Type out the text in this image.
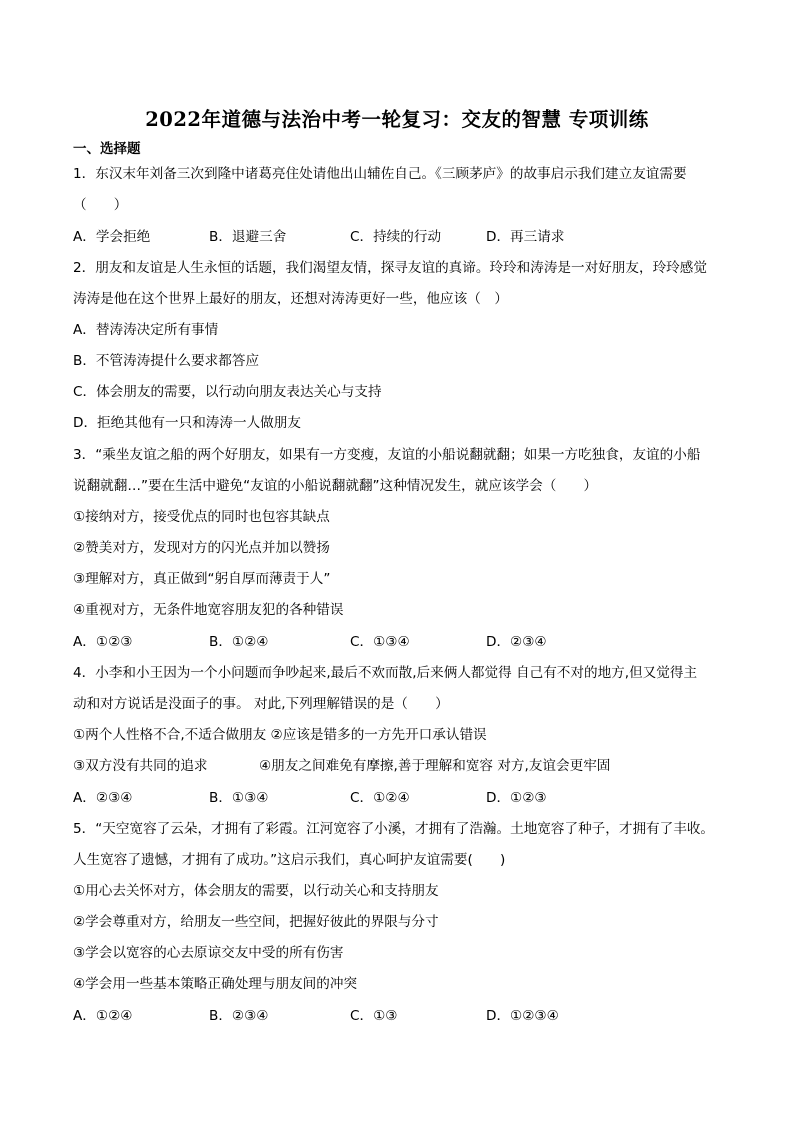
2022年道德与法治中考一轮复习：交友的智慧 专项训练
一、选择题
1．东汉末年刘备三次到隆中诸葛亮住处请他出山辅佐自己。《三顾茅庐》的故事启示我们建立友谊需要
（　　）
A．学会拒绝	B．退避三舍	C．持续的行动	D．再三请求
2．朋友和友谊是人生永恒的话题，我们渴望友情，探寻友谊的真谛。玲玲和涛涛是一对好朋友，玲玲感觉
涛涛是他在这个世界上最好的朋友，还想对涛涛更好一些，他应该（　）
A．替涛涛决定所有事情
B．不管涛涛提什么要求都答应
C．体会朋友的需要，以行动向朋友表达关心与支持
D．拒绝其他有一只和涛涛一人做朋友
3．“乘坐友谊之船的两个好朋友，如果有一方变瘦，友谊的小船说翻就翻；如果一方吃独食，友谊的小船
说翻就翻…”要在生活中避免“友谊的小船说翻就翻”这种情况发生，就应该学会（　　）
①接纳对方，接受优点的同时也包容其缺点
②赞美对方，发现对方的闪光点并加以赞扬
③理解对方，真正做到“躬自厚而薄责于人”
④重视对方，无条件地宽容朋友犯的各种错误
A．①②③	B．①②④	C．①③④	D．②③④
4．小李和小王因为一个小问题而争吵起来,最后不欢而散,后来俩人都觉得 自己有不对的地方,但又觉得主
动和对方说话是没面子的事。 对此,下列理解错误的是（　　）
①两个人性格不合,不适合做朋友 ②应该是错多的一方先开口承认错误
③双方没有共同的追求	④朋友之间难免有摩擦,善于理解和宽容 对方,友谊会更牢固
A．②③④	B．①③④	C．①②④	D．①②③
5．“天空宽容了云朵，才拥有了彩霞。江河宽容了小溪，才拥有了浩瀚。土地宽容了种子，才拥有了丰收。
人生宽容了遗憾，才拥有了成功。”这启示我们，真心呵护友谊需要(　　)
①用心去关怀对方，体会朋友的需要，以行动关心和支持朋友
②学会尊重对方，给朋友一些空间，把握好彼此的界限与分寸
③学会以宽容的心去原谅交友中受的所有伤害
④学会用一些基本策略正确处理与朋友间的冲突
A．①②④	B．②③④	C．①③	D．①②③④
